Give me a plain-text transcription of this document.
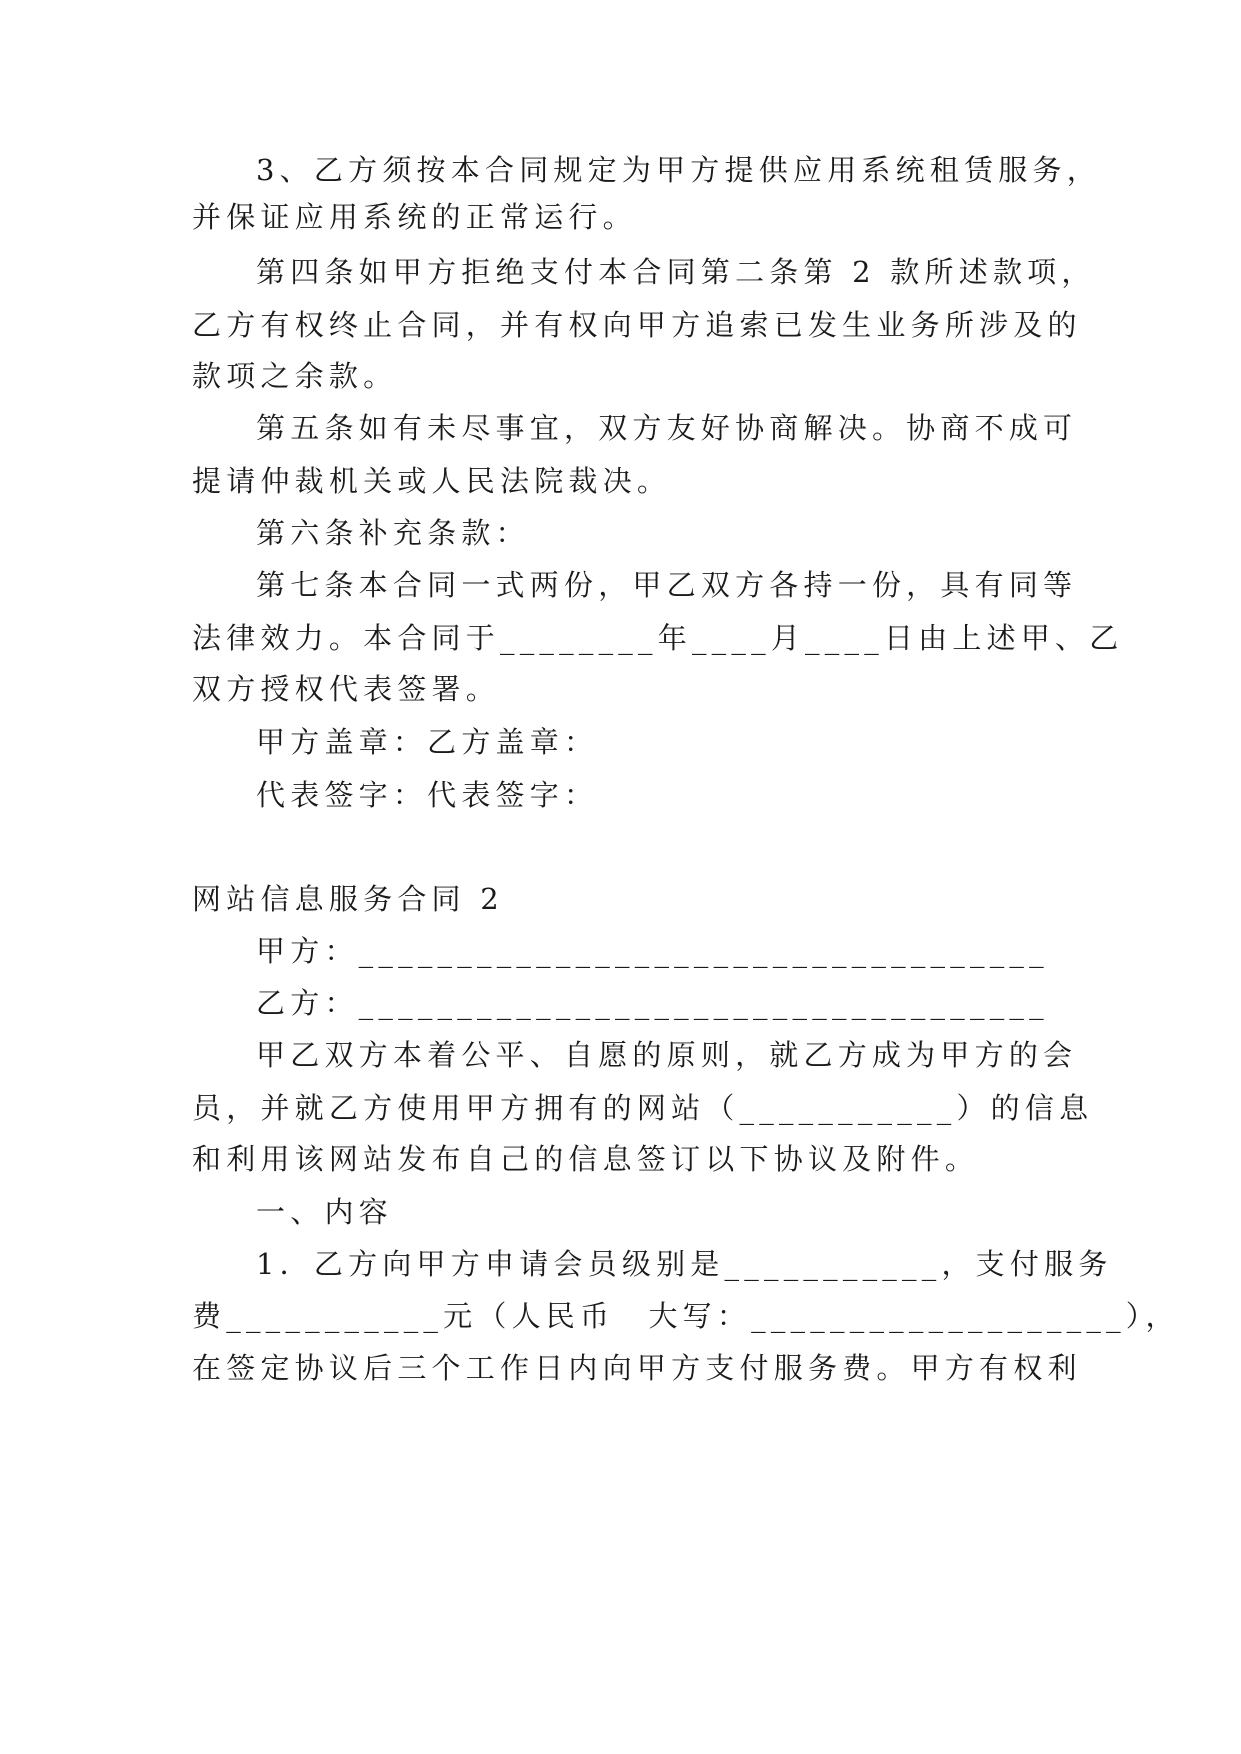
3、乙方须按本合同规定为甲方提供应用系统租赁服务，
并保证应用系统的正常运行。
第四条如甲方拒绝支付本合同第二条第 2 款所述款项，
乙方有权终止合同，并有权向甲方追索已发生业务所涉及的
款项之余款。
第五条如有未尽事宜，双方友好协商解决。协商不成可
提请仲裁机关或人民法院裁决。
第六条补充条款：
第七条本合同一式两份，甲乙双方各持一份，具有同等
法律效力。本合同于________年____月____日由上述甲、乙
双方授权代表签署。
甲方盖章：乙方盖章：
代表签字：代表签字：
网站信息服务合同 2
甲方：___________________________________
乙方：___________________________________
甲乙双方本着公平、自愿的原则，就乙方成为甲方的会
员，并就乙方使用甲方拥有的网站（___________）的信息
和利用该网站发布自己的信息签订以下协议及附件。
一、内容
1．乙方向甲方申请会员级别是___________，支付服务
费___________元（人民币　大写：___________________），
在签定协议后三个工作日内向甲方支付服务费。甲方有权利
